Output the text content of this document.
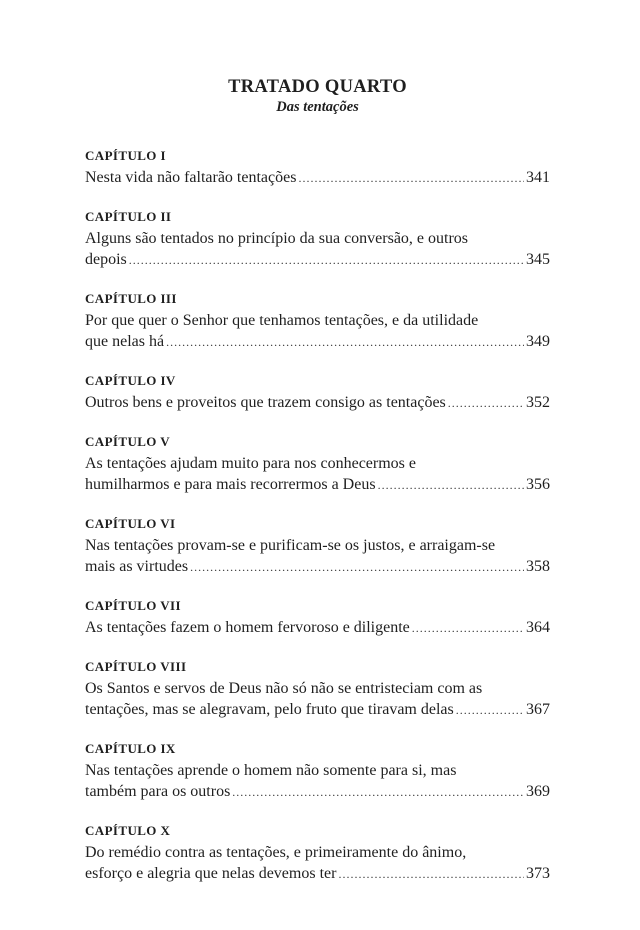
TRATADO QUARTO
Das tentações
CAPÍTULO I
Nesta vida não faltarão tentações .....	341
CAPÍTULO II
Alguns são tentados no princípio da sua conversão, e outros
depois .....	345
CAPÍTULO III
Por que quer o Senhor que tenhamos tentações, e da utilidade
que nelas há .....	349
CAPÍTULO IV
Outros bens e proveitos que trazem consigo as tentações .....	352
CAPÍTULO V
As tentações ajudam muito para nos conhecermos e
humilharmos e para mais recorrermos a Deus .....	356
CAPÍTULO VI
Nas tentações provam-se e purificam-se os justos, e arraigam-se
mais as virtudes .....	358
CAPÍTULO VII
As tentações fazem o homem fervoroso e diligente .....	364
CAPÍTULO VIII
Os Santos e servos de Deus não só não se entristeciam com as
tentações, mas se alegravam, pelo fruto que tiravam delas .....	367
CAPÍTULO IX
Nas tentações aprende o homem não somente para si, mas
também para os outros .....	369
CAPÍTULO X
Do remédio contra as tentações, e primeiramente do ânimo,
esforço e alegria que nelas devemos ter .....	373
